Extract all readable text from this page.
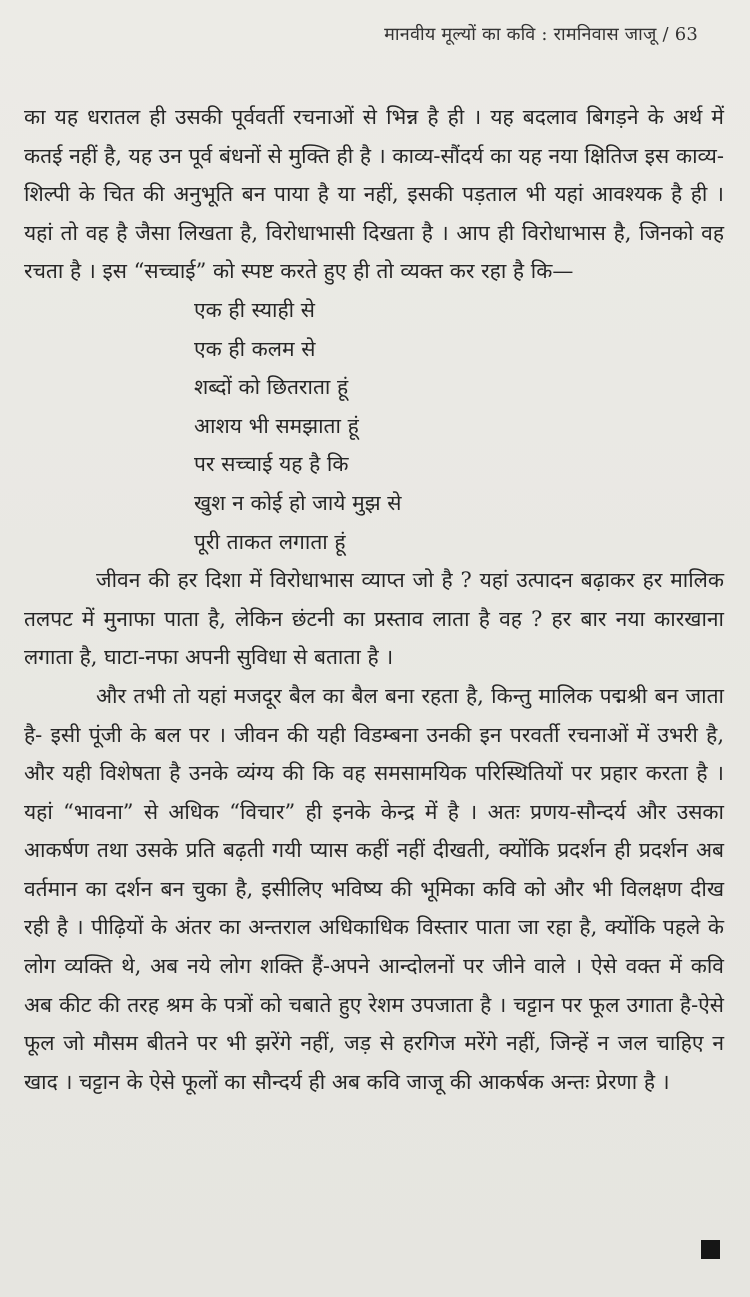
मानवीय मूल्यों का कवि : रामनिवास जाजू / 63

का यह धरातल ही उसकी पूर्ववर्ती रचनाओं से भिन्न है ही । यह बदलाव बिगड़ने के अर्थ में कतई नहीं है, यह उन पूर्व बंधनों से मुक्ति ही है । काव्य-सौंदर्य का यह नया क्षितिज इस काव्य-शिल्पी के चित की अनुभूति बन पाया है या नहीं, इसकी पड़ताल भी यहां आवश्यक है ही । यहां तो वह है जैसा लिखता है, विरोधाभासी दिखता है । आप ही विरोधाभास है, जिनको वह रचता है । इस “सच्चाई” को स्पष्ट करते हुए ही तो व्यक्त कर रहा है कि—

एक ही स्याही से
एक ही कलम से
शब्दों को छितराता हूं
आशय भी समझाता हूं
पर सच्चाई यह है कि
खुश न कोई हो जाये मुझ से
पूरी ताकत लगाता हूं

जीवन की हर दिशा में विरोधाभास व्याप्त जो है ? यहां उत्पादन बढ़ाकर हर मालिक तलपट में मुनाफा पाता है, लेकिन छंटनी का प्रस्ताव लाता है वह ? हर बार नया कारखाना लगाता है, घाटा-नफा अपनी सुविधा से बताता है ।

और तभी तो यहां मजदूर बैल का बैल बना रहता है, किन्तु मालिक पद्मश्री बन जाता है- इसी पूंजी के बल पर । जीवन की यही विडम्बना उनकी इन परवर्ती रचनाओं में उभरी है, और यही विशेषता है उनके व्यंग्य की कि वह समसामयिक परिस्थितियों पर प्रहार करता है । यहां “भावना” से अधिक “विचार” ही इनके केन्द्र में है । अतः प्रणय-सौन्दर्य और उसका आकर्षण तथा उसके प्रति बढ़ती गयी प्यास कहीं नहीं दीखती, क्योंकि प्रदर्शन ही प्रदर्शन अब वर्तमान का दर्शन बन चुका है, इसीलिए भविष्य की भूमिका कवि को और भी विलक्षण दीख रही है । पीढ़ियों के अंतर का अन्तराल अधिकाधिक विस्तार पाता जा रहा है, क्योंकि पहले के लोग व्यक्ति थे, अब नये लोग शक्ति हैं-अपने आन्दोलनों पर जीने वाले । ऐसे वक्त में कवि अब कीट की तरह श्रम के पत्रों को चबाते हुए रेशम उपजाता है । चट्टान पर फूल उगाता है-ऐसे फूल जो मौसम बीतने पर भी झरेंगे नहीं, जड़ से हरगिज मरेंगे नहीं, जिन्हें न जल चाहिए न खाद । चट्टान के ऐसे फूलों का सौन्दर्य ही अब कवि जाजू की आकर्षक अन्तः प्रेरणा है ।
